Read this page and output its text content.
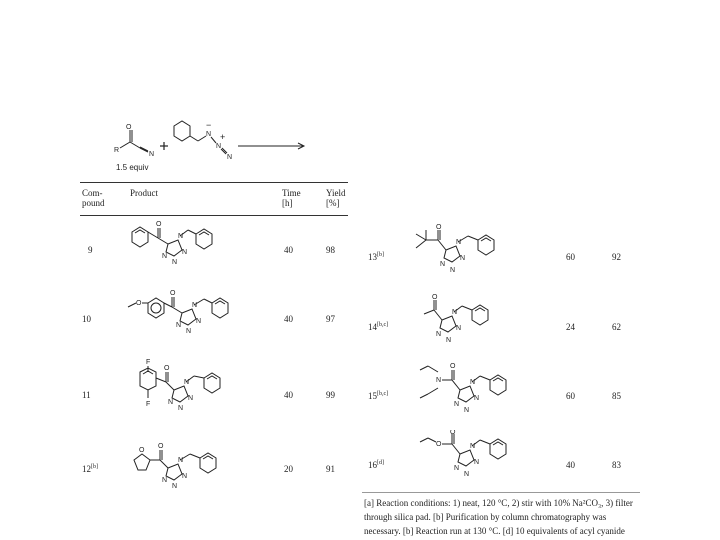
O
R
N
1.5 equiv
N
N
N
−
+
Com-
pound
Product	Time
[h]
Yield
[%]
9	40	98
10	40	97
11	40	99
12[b]	20	91
13[b]	60	92
14[b,c]	24	62
15[b,c]	60	85
16[d]	40	83
[a] Reaction conditions: 1) neat, 120 °C, 2) stir with 10% Na²CO₃, 3) filter
through silica pad. [b] Purification by column chromatography was
necessary. [b] Reaction run at 130 °C. [d] 10 equivalents of acyl cyanide
O
N
N
N
N
O
O
N
N
N
N
F
F
O
N
N
N
N
O
O
N
N
N
N
O
N
N
N
N
O
N
N
N
N
N
O
N
N
N
N
O
O
N
N
N
N
